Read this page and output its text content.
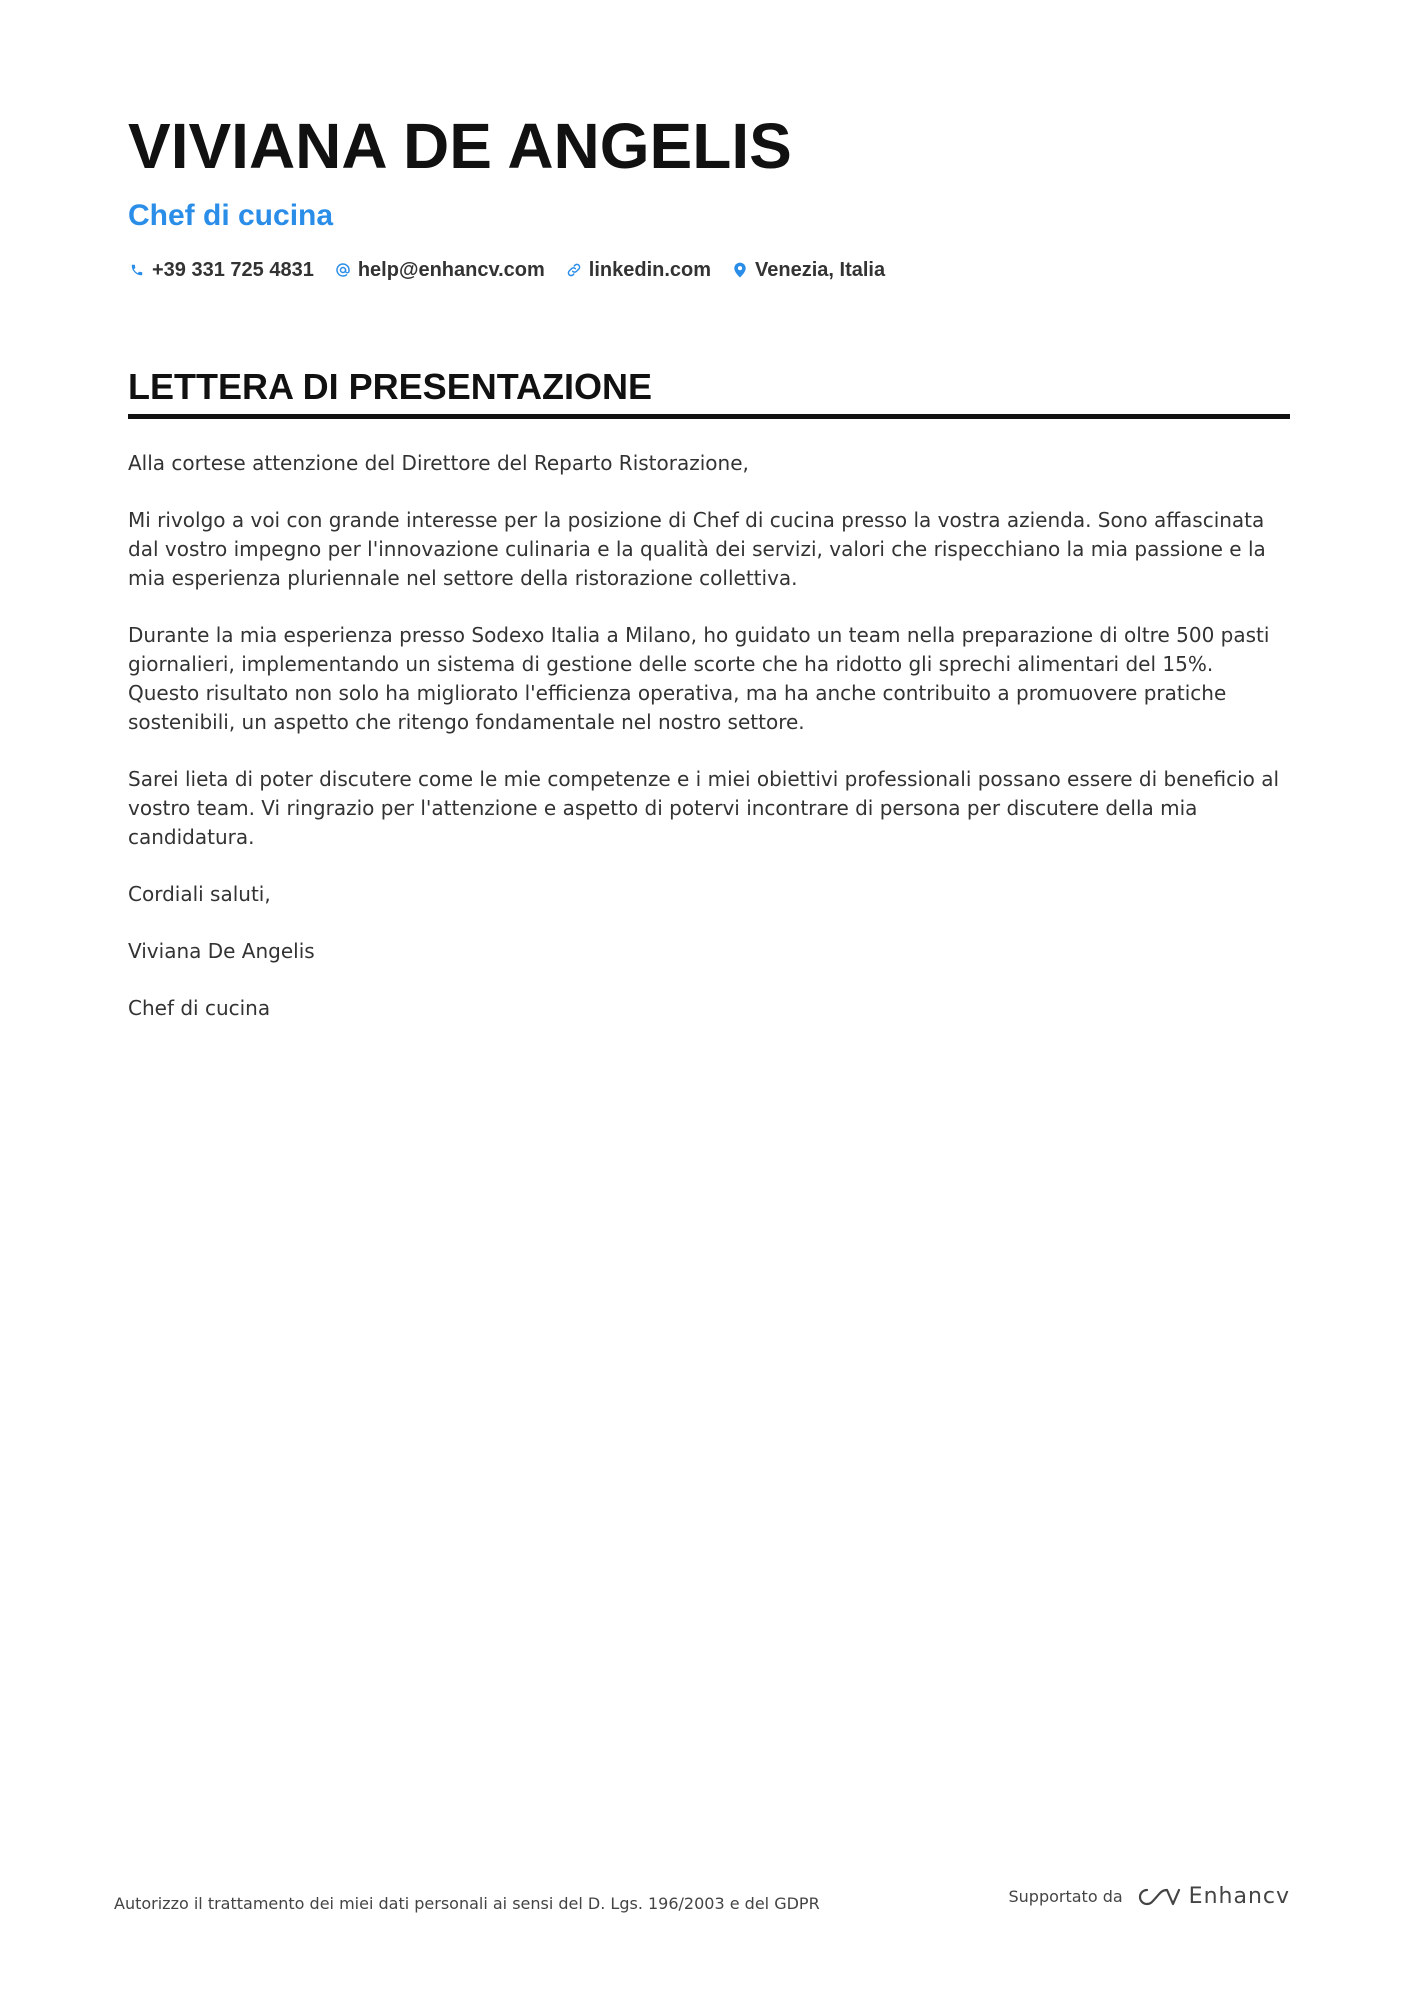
VIVIANA DE ANGELIS
Chef di cucina
+39 331 725 4831 help@enhancv.com linkedin.com Venezia, Italia
LETTERA DI PRESENTAZIONE

Alla cortese attenzione del Direttore del Reparto Ristorazione,

Mi rivolgo a voi con grande interesse per la posizione di Chef di cucina presso la vostra azienda. Sono affascinata dal vostro impegno per l'innovazione culinaria e la qualità dei servizi, valori che rispecchiano la mia passione e la mia esperienza pluriennale nel settore della ristorazione collettiva.

Durante la mia esperienza presso Sodexo Italia a Milano, ho guidato un team nella preparazione di oltre 500 pasti giornalieri, implementando un sistema di gestione delle scorte che ha ridotto gli sprechi alimentari del 15%. Questo risultato non solo ha migliorato l'efficienza operativa, ma ha anche contribuito a promuovere pratiche sostenibili, un aspetto che ritengo fondamentale nel nostro settore.

Sarei lieta di poter discutere come le mie competenze e i miei obiettivi professionali possano essere di beneficio al vostro team. Vi ringrazio per l'attenzione e aspetto di potervi incontrare di persona per discutere della mia candidatura.

Cordiali saluti,

Viviana De Angelis

Chef di cucina

Autorizzo il trattamento dei miei dati personali ai sensi del D. Lgs. 196/2003 e del GDPR	Supportato da	Enhancv
